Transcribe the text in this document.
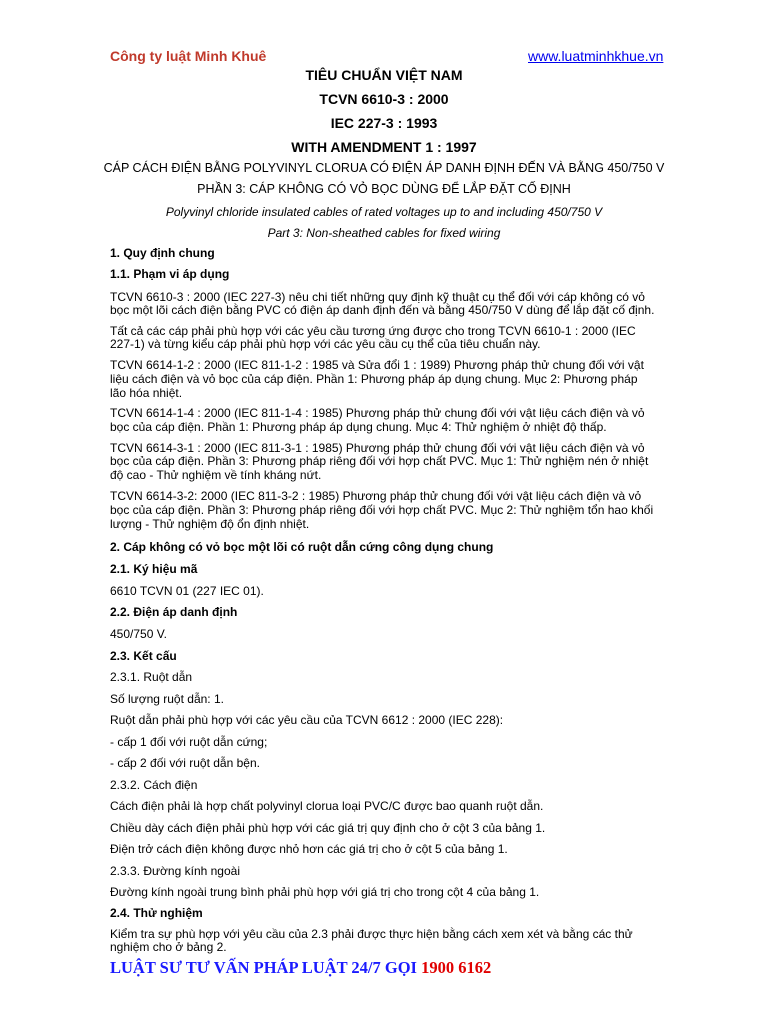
Công ty luật Minh Khuê	www.luatminhkhue.vn
TIÊU CHUẨN VIỆT NAM
TCVN 6610-3 : 2000
IEC 227-3 : 1993
WITH AMENDMENT 1 : 1997
CÁP CÁCH ĐIỆN BẰNG POLYVINYL CLORUA CÓ ĐIỆN ÁP DANH ĐỊNH ĐẾN VÀ BẰNG 450/750 V
PHẦN 3: CÁP KHÔNG CÓ VỎ BỌC DÙNG ĐỂ LẮP ĐẶT CỐ ĐỊNH
Polyvinyl chloride insulated cables of rated voltages up to and including 450/750 V
Part 3: Non-sheathed cables for fixed wiring
1. Quy định chung
1.1. Phạm vi áp dụng
TCVN 6610-3 : 2000 (IEC 227-3) nêu chi tiết những quy định kỹ thuật cụ thể đối với cáp không có vỏ
bọc một lõi cách điện bằng PVC có điện áp danh định đến và bằng 450/750 V dùng để lắp đặt cố định.
Tất cả các cáp phải phù hợp với các yêu cầu tương ứng được cho trong TCVN 6610-1 : 2000 (IEC
227-1) và từng kiểu cáp phải phù hợp với các yêu cầu cụ thể của tiêu chuẩn này.
TCVN 6614-1-2 : 2000 (IEC 811-1-2 : 1985 và Sửa đổi 1 : 1989) Phương pháp thử chung đối với vật
liệu cách điện và vỏ bọc của cáp điện. Phần 1: Phương pháp áp dụng chung. Mục 2: Phương pháp
lão hóa nhiệt.
TCVN 6614-1-4 : 2000 (IEC 811-1-4 : 1985) Phương pháp thử chung đối với vật liệu cách điện và vỏ
bọc của cáp điện. Phần 1: Phương pháp áp dụng chung. Mục 4: Thử nghiệm ở nhiệt độ thấp.
TCVN 6614-3-1 : 2000 (IEC 811-3-1 : 1985) Phương pháp thử chung đối với vật liệu cách điện và vỏ
bọc của cáp điện. Phần 3: Phương pháp riêng đối với hợp chất PVC. Mục 1: Thử nghiệm nén ở nhiệt
độ cao - Thử nghiệm về tính kháng nứt.
TCVN 6614-3-2: 2000 (IEC 811-3-2 : 1985) Phương pháp thử chung đối với vật liệu cách điện và vỏ
bọc của cáp điện. Phần 3: Phương pháp riêng đối với hợp chất PVC. Mục 2: Thử nghiệm tổn hao khối
lượng - Thử nghiệm độ ổn định nhiệt.
2. Cáp không có vỏ bọc một lõi có ruột dẫn cứng công dụng chung
2.1. Ký hiệu mã
6610 TCVN 01 (227 IEC 01).
2.2. Điện áp danh định
450/750 V.
2.3. Kết cấu
2.3.1. Ruột dẫn
Số lượng ruột dẫn: 1.
Ruột dẫn phải phù hợp với các yêu cầu của TCVN 6612 : 2000 (IEC 228):
- cấp 1 đối với ruột dẫn cứng;
- cấp 2 đối với ruột dẫn bện.
2.3.2. Cách điện
Cách điện phải là hợp chất polyvinyl clorua loại PVC/C được bao quanh ruột dẫn.
Chiều dày cách điện phải phù hợp với các giá trị quy định cho ở cột 3 của bảng 1.
Điện trở cách điện không được nhỏ hơn các giá trị cho ở cột 5 của bảng 1.
2.3.3. Đường kính ngoài
Đường kính ngoài trung bình phải phù hợp với giá trị cho trong cột 4 của bảng 1.
2.4. Thử nghiệm
Kiểm tra sự phù hợp với yêu cầu của 2.3 phải được thực hiện bằng cách xem xét và bằng các thử
nghiệm cho ở bảng 2.
LUẬT SƯ TƯ VẤN PHÁP LUẬT 24/7 GỌI 1900 6162
